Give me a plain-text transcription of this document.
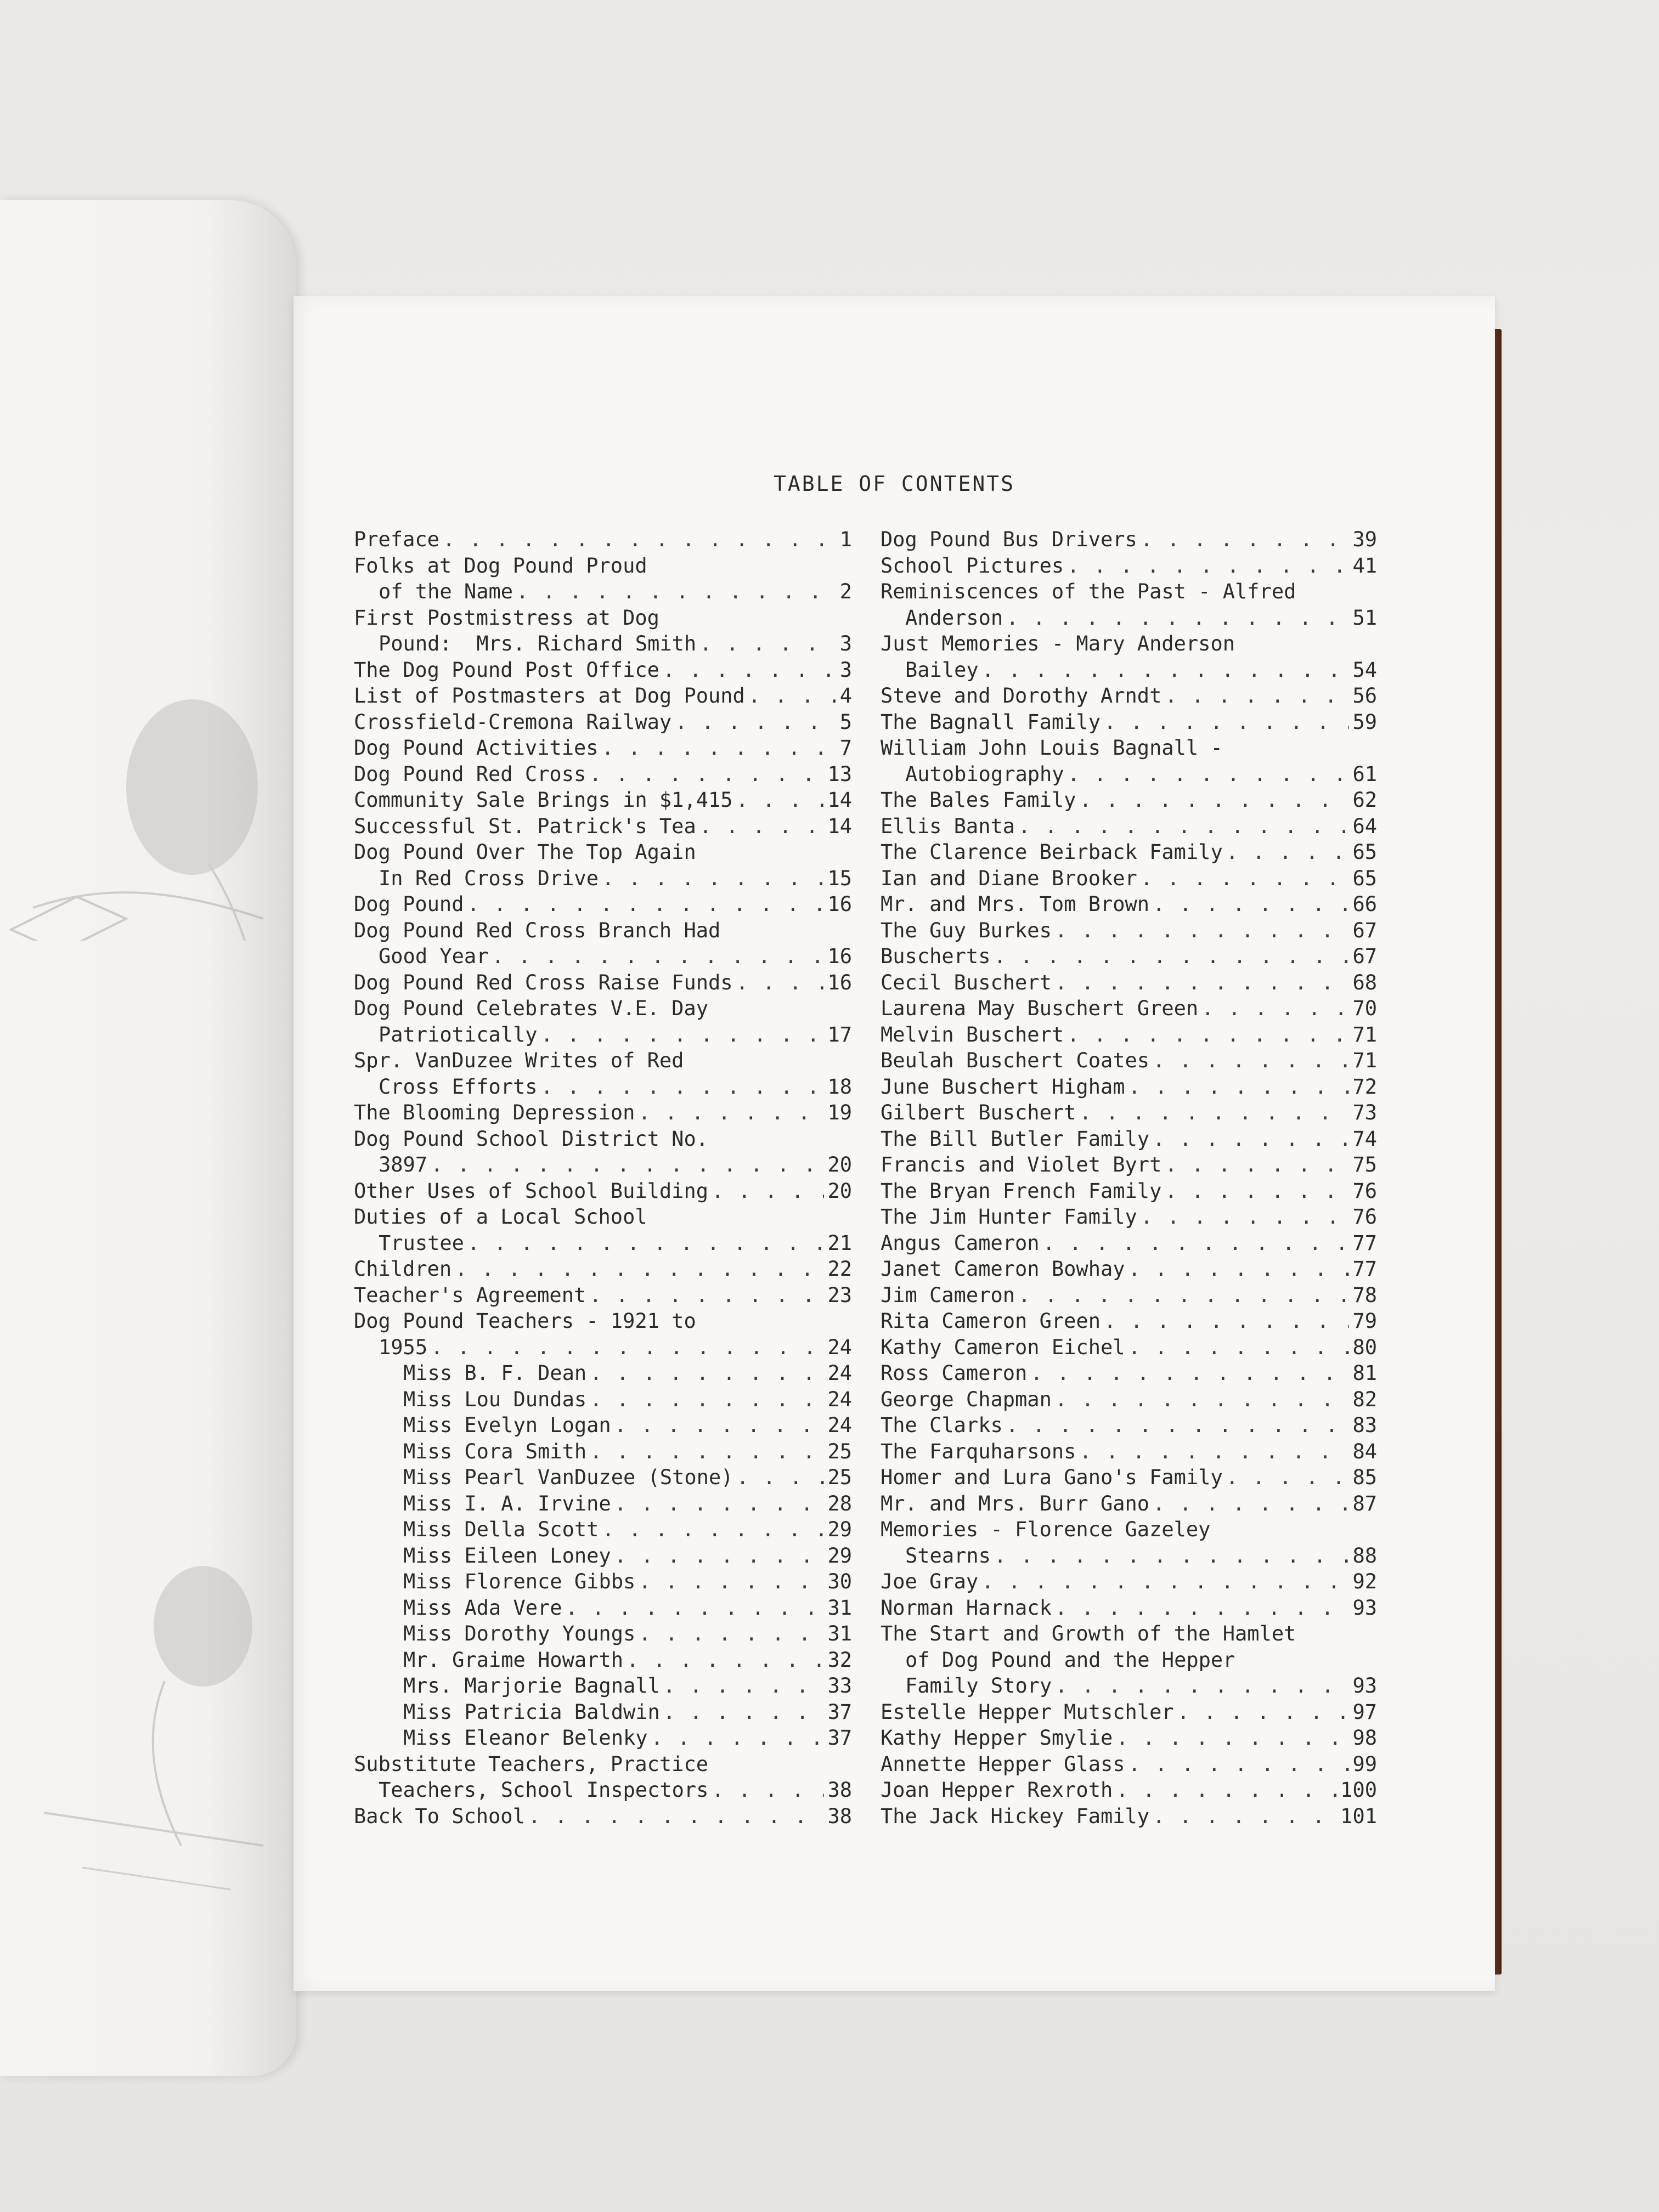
TABLE OF CONTENTS
Preface . . .	1
Folks at Dog Pound Proud
of the Name . . .	2
First Postmistress at Dog
Pound:  Mrs. Richard Smith . . .	3
The Dog Pound Post Office . . .	3
List of Postmasters at Dog Pound . . .	4
Crossfield-Cremona Railway . . .	5
Dog Pound Activities . . .	7
Dog Pound Red Cross . . .	13
Community Sale Brings in $1,415 . . .	14
Successful St. Patrick's Tea . . .	14
Dog Pound Over The Top Again
In Red Cross Drive . . .	15
Dog Pound . . .	16
Dog Pound Red Cross Branch Had
Good Year . . .	16
Dog Pound Red Cross Raise Funds . . .	16
Dog Pound Celebrates V.E. Day
Patriotically . . .	17
Spr. VanDuzee Writes of Red
Cross Efforts . . .	18
The Blooming Depression . . .	19
Dog Pound School District No.
3897 . . .	20
Other Uses of School Building . . .	20
Duties of a Local School
Trustee . . .	21
Children . . .	22
Teacher's Agreement . . .	23
Dog Pound Teachers - 1921 to
1955 . . .	24
Miss B. F. Dean . . .	24
Miss Lou Dundas . . .	24
Miss Evelyn Logan . . .	24
Miss Cora Smith . . .	25
Miss Pearl VanDuzee (Stone) . . .	25
Miss I. A. Irvine . . .	28
Miss Della Scott . . .	29
Miss Eileen Loney . . .	29
Miss Florence Gibbs . . .	30
Miss Ada Vere . . .	31
Miss Dorothy Youngs . . .	31
Mr. Graime Howarth . . .	32
Mrs. Marjorie Bagnall . . .	33
Miss Patricia Baldwin . . .	37
Miss Eleanor Belenky . . .	37
Substitute Teachers, Practice
Teachers, School Inspectors . . .	38
Back To School . . .	38
Dog Pound Bus Drivers . . .	39
School Pictures . . .	41
Reminiscences of the Past - Alfred
Anderson . . .	51
Just Memories - Mary Anderson
Bailey . . .	54
Steve and Dorothy Arndt . . .	56
The Bagnall Family . . .	59
William John Louis Bagnall -
Autobiography . . .	61
The Bales Family . . .	62
Ellis Banta . . .	64
The Clarence Beirback Family . . .	65
Ian and Diane Brooker . . .	65
Mr. and Mrs. Tom Brown . . .	66
The Guy Burkes . . .	67
Buscherts . . .	67
Cecil Buschert . . .	68
Laurena May Buschert Green . . .	70
Melvin Buschert . . .	71
Beulah Buschert Coates . . .	71
June Buschert Higham . . .	72
Gilbert Buschert . . .	73
The Bill Butler Family . . .	74
Francis and Violet Byrt . . .	75
The Bryan French Family . . .	76
The Jim Hunter Family . . .	76
Angus Cameron . . .	77
Janet Cameron Bowhay . . .	77
Jim Cameron . . .	78
Rita Cameron Green . . .	79
Kathy Cameron Eichel . . .	80
Ross Cameron . . .	81
George Chapman . . .	82
The Clarks . . .	83
The Farquharsons . . .	84
Homer and Lura Gano's Family . . .	85
Mr. and Mrs. Burr Gano . . .	87
Memories - Florence Gazeley
Stearns . . .	88
Joe Gray . . .	92
Norman Harnack . . .	93
The Start and Growth of the Hamlet
of Dog Pound and the Hepper
Family Story . . .	93
Estelle Hepper Mutschler . . .	97
Kathy Hepper Smylie . . .	98
Annette Hepper Glass . . .	99
Joan Hepper Rexroth . . .	100
The Jack Hickey Family . . .	101
